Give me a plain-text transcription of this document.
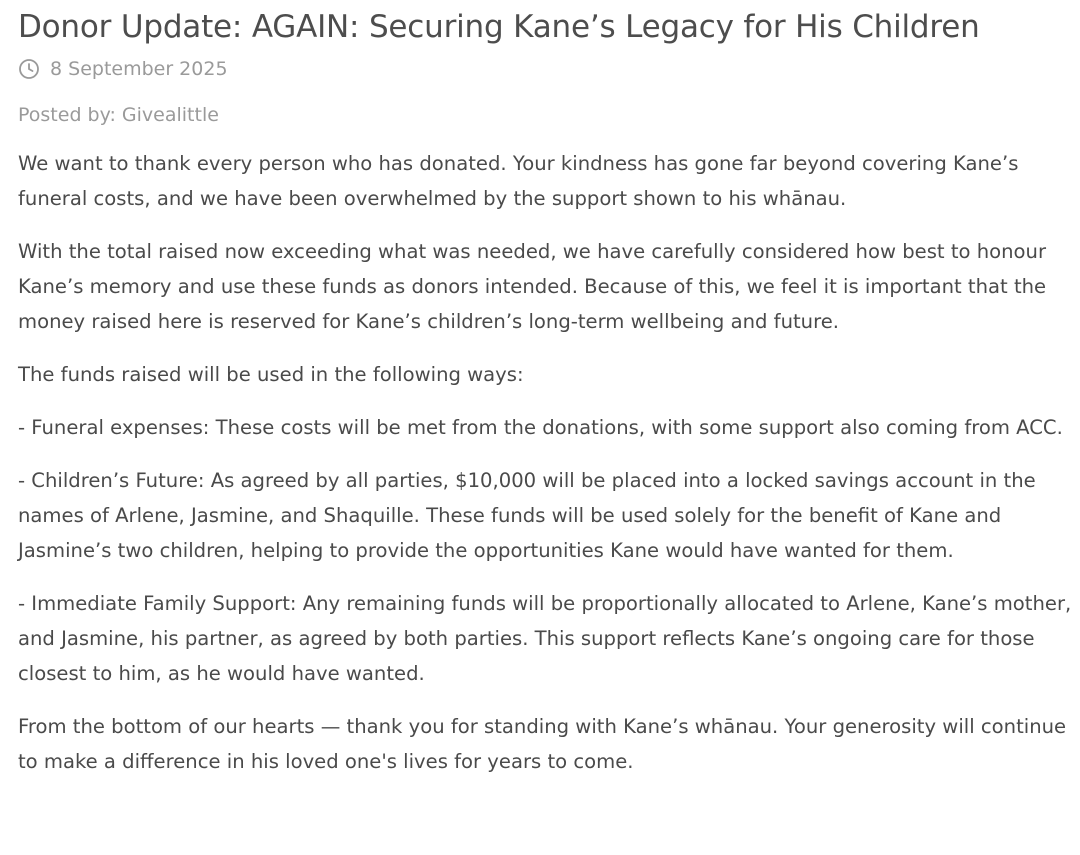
Donor Update: AGAIN: Securing Kane’s Legacy for His Children
8 September 2025
Posted by: Givealittle

We want to thank every person who has donated. Your kindness has gone far beyond covering Kane’s funeral costs, and we have been overwhelmed by the support shown to his whānau.

With the total raised now exceeding what was needed, we have carefully considered how best to honour Kane’s memory and use these funds as donors intended. Because of this, we feel it is important that the money raised here is reserved for Kane’s children’s long-term wellbeing and future.

The funds raised will be used in the following ways:

- Funeral expenses: These costs will be met from the donations, with some support also coming from ACC.

- Children’s Future: As agreed by all parties, $10,000 will be placed into a locked savings account in the names of Arlene, Jasmine, and Shaquille. These funds will be used solely for the benefit of Kane and Jasmine’s two children, helping to provide the opportunities Kane would have wanted for them.

- Immediate Family Support: Any remaining funds will be proportionally allocated to Arlene, Kane’s mother, and Jasmine, his partner, as agreed by both parties. This support reflects Kane’s ongoing care for those closest to him, as he would have wanted.

From the bottom of our hearts — thank you for standing with Kane’s whānau. Your generosity will continue to make a difference in his loved one's lives for years to come.
